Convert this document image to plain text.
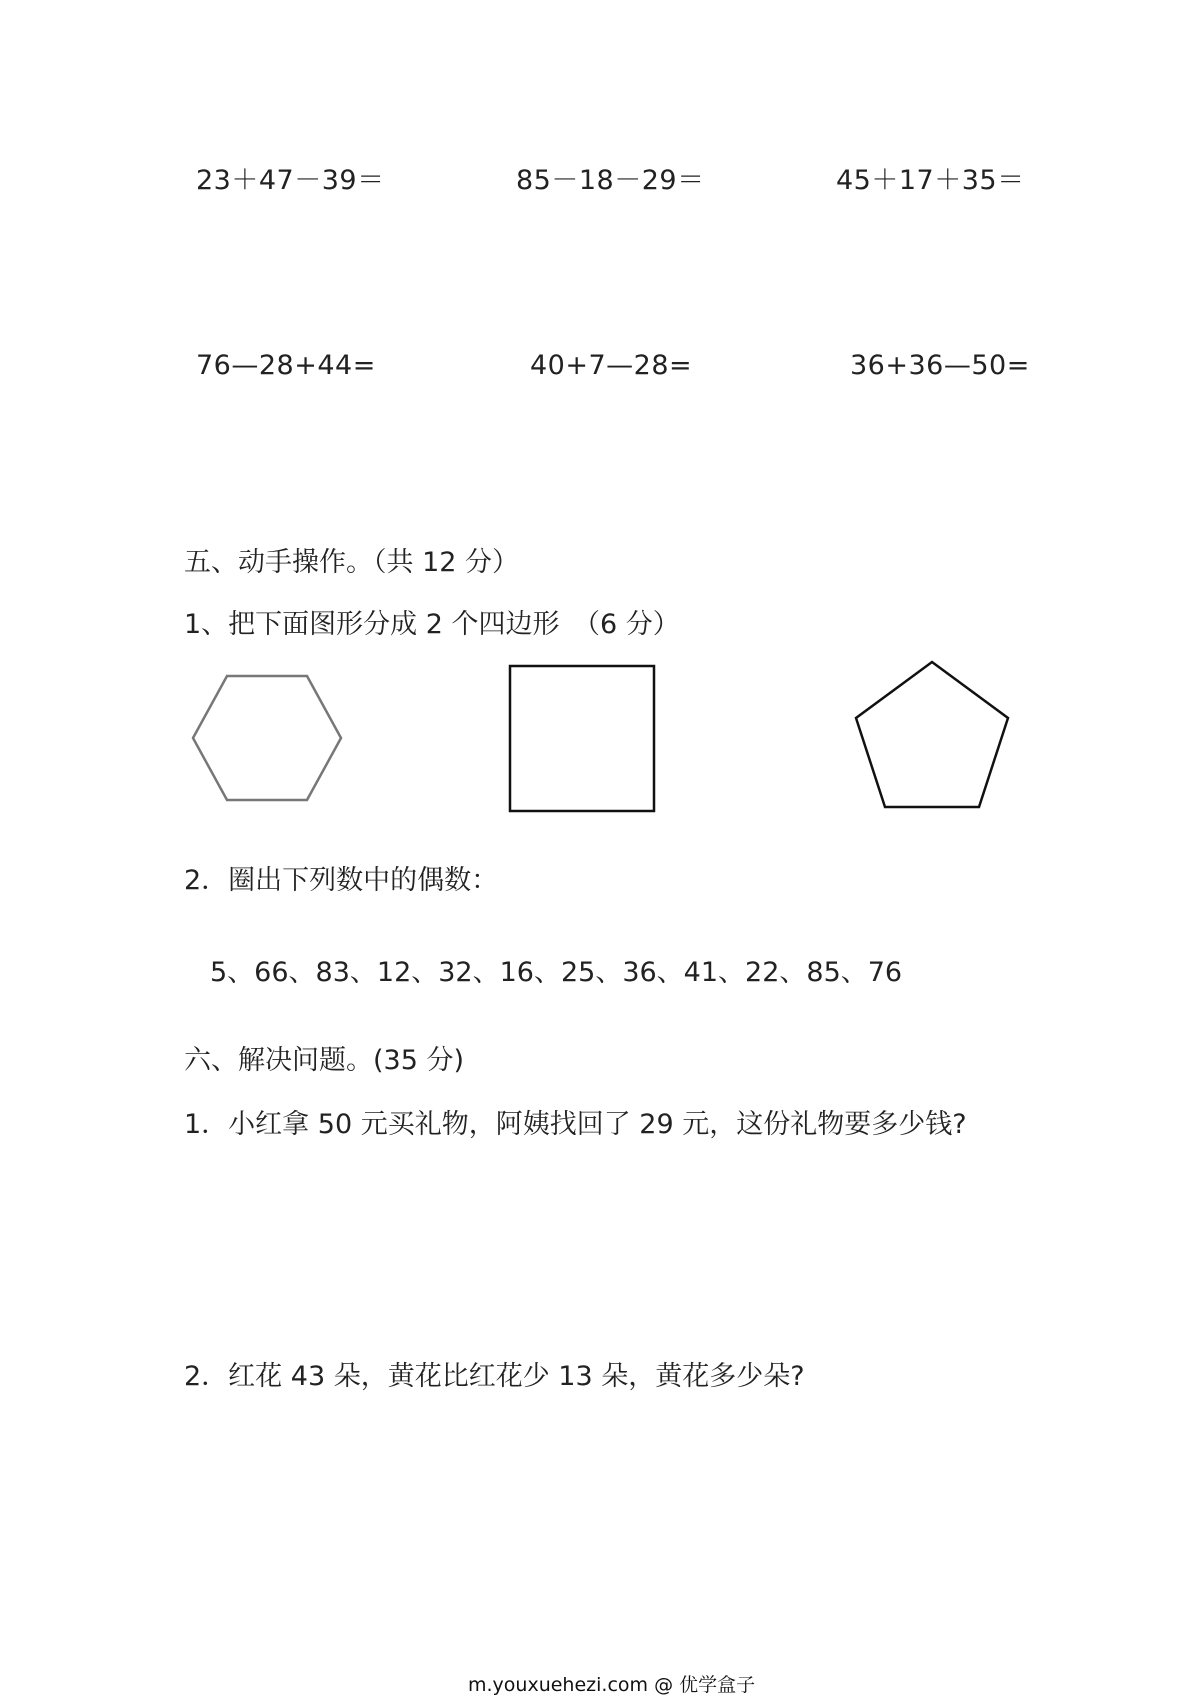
23＋47－39＝	85－18－29＝	45＋17＋35＝
76—28+44=	40+7—28=	36+36—50=
五、动手操作。（共 12 分）
1、把下面图形分成 2 个四边形　（6 分）
2．圈出下列数中的偶数：
5、66、83、12、32、16、25、36、41、22、85、76
六、解决问题。(35 分)
1．小红拿 50 元买礼物，阿姨找回了 29 元，这份礼物要多少钱?
2．红花 43 朵，黄花比红花少 13 朵，黄花多少朵?
m.youxuehezi.com @ 优学盒子
